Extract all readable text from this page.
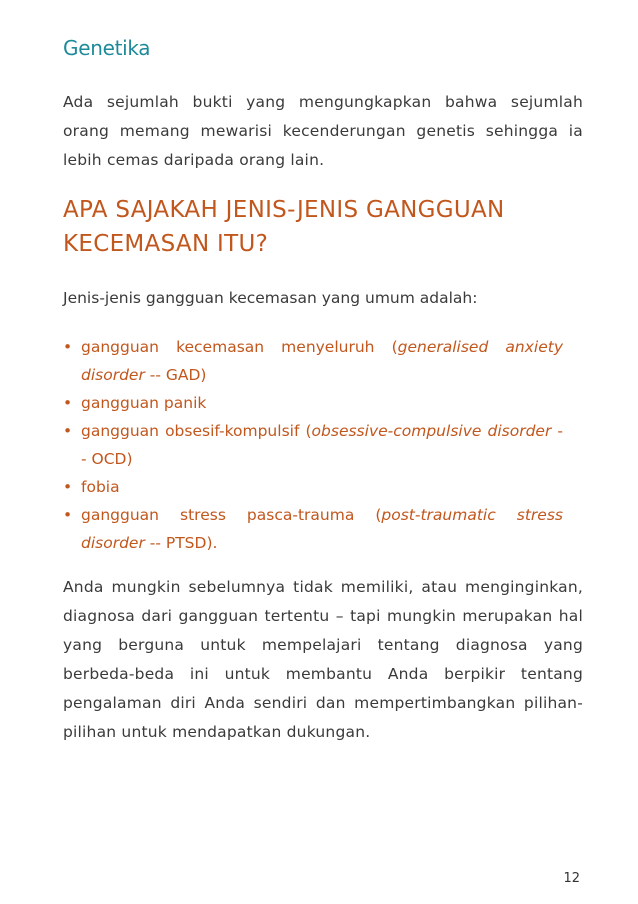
Genetika

Ada sejumlah bukti yang mengungkapkan bahwa sejumlah orang memang mewarisi kecenderungan genetis sehingga ia lebih cemas daripada orang lain.

APA SAJAKAH JENIS-JENIS GANGGUAN KECEMASAN ITU?

Jenis-jenis gangguan kecemasan yang umum adalah:

• gangguan kecemasan menyeluruh (generalised anxiety disorder -- GAD)
• gangguan panik
• gangguan obsesif-kompulsif (obsessive-compulsive disorder -- OCD)
• fobia
• gangguan stress pasca-trauma (post-traumatic stress disorder -- PTSD).

Anda mungkin sebelumnya tidak memiliki, atau menginginkan, diagnosa dari gangguan tertentu – tapi mungkin merupakan hal yang berguna untuk mempelajari tentang diagnosa yang berbeda-beda ini untuk membantu Anda berpikir tentang pengalaman diri Anda sendiri dan mempertimbangkan pilihan-pilihan untuk mendapatkan dukungan.

12
